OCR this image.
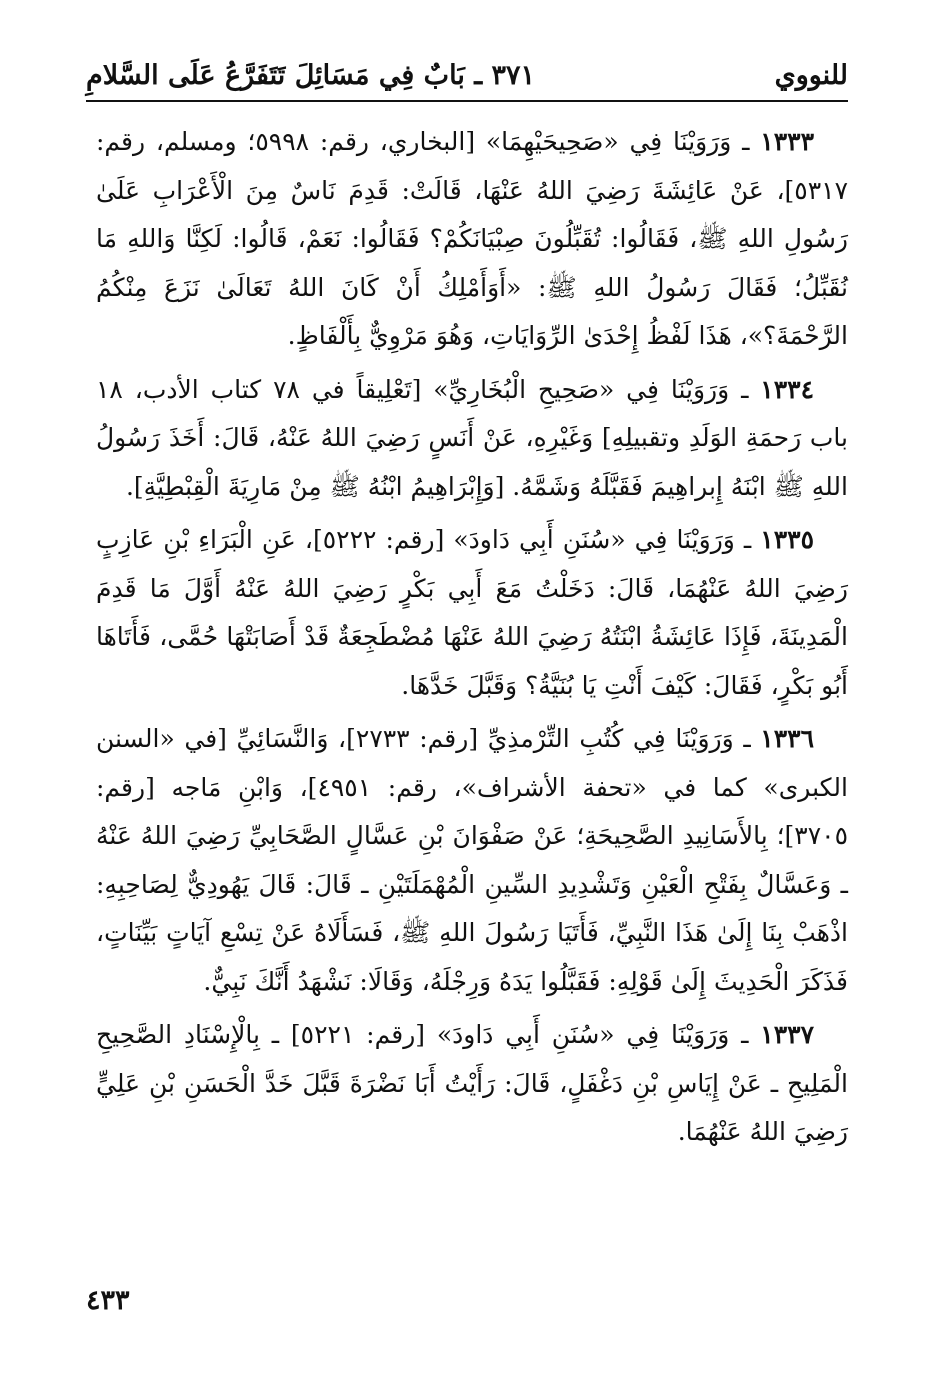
للنووي
٣٧١ ـ بَابٌ فِي مَسَائِلَ تَتَفَرَّعُ عَلَى السَّلامِ

١٣٣٣ ـ وَرَوَيْنَا فِي «صَحِيحَيْهِمَا» [البخاري، رقم: ٥٩٩٨؛ ومسلم، رقم: ٥٣١٧]، عَنْ عَائِشَةَ رَضِيَ اللهُ عَنْهَا، قَالَتْ: قَدِمَ نَاسٌ مِنَ الْأَعْرَابِ عَلَىٰ رَسُولِ اللهِ ﷺ، فَقَالُوا: تُقَبِّلُونَ صِبْيَانَكُمْ؟ فَقَالُوا: نَعَمْ، قَالُوا: لَكِنَّا وَاللهِ مَا نُقَبِّلُ؛ فَقَالَ رَسُولُ اللهِ ﷺ: «أَوَأَمْلِكُ أَنْ كَانَ اللهُ تَعَالَىٰ نَزَعَ مِنْكُمُ الرَّحْمَةَ؟»، هَذَا لَفْظُ إِحْدَىٰ الرِّوَايَاتِ، وَهُوَ مَرْوِيٌّ بِأَلْفَاظٍ.

١٣٣٤ ـ وَرَوَيْنَا فِي «صَحِيحِ الْبُخَارِيِّ» [تَعْلِيقاً في ٧٨ كتاب الأدب، ١٨ باب رَحمَةِ الوَلَدِ وتقبيلِهِ] وَغَيْرِهِ، عَنْ أَنَسٍ رَضِيَ اللهُ عَنْهُ، قَالَ: أَخَذَ رَسُولُ اللهِ ﷺ ابْنَهُ إِبراهِيمَ فَقَبَّلَهُ وَشَمَّهُ. [وَإِبْرَاهِيمُ ابْنُهُ ﷺ مِنْ مَارِيَةَ الْقِبْطِيَّةِ].

١٣٣٥ ـ وَرَوَيْنَا فِي «سُنَنِ أَبِي دَاودَ» [رقم: ٥٢٢٢]، عَنِ الْبَرَاءِ بْنِ عَازِبٍ رَضِيَ اللهُ عَنْهُمَا، قَالَ: دَخَلْتُ مَعَ أَبِي بَكْرٍ رَضِيَ اللهُ عَنْهُ أَوَّلَ مَا قَدِمَ الْمَدِينَةَ، فَإِذَا عَائِشَةُ ابْنَتُهُ رَضِيَ اللهُ عَنْهَا مُضْطَجِعَةٌ قَدْ أَصَابَتْهَا حُمَّى، فَأَتَاهَا أَبُو بَكْرٍ، فَقَالَ: كَيْفَ أَنْتِ يَا بُنَيَّةُ؟ وَقَبَّلَ خَدَّهَا.

١٣٣٦ ـ وَرَوَيْنَا فِي كُتُبِ التِّرْمذِيِّ [رقم: ٢٧٣٣]، وَالنَّسَائِيِّ [في «السنن الكبرى» كما في «تحفة الأشراف»، رقم: ٤٩٥١]، وَابْنِ مَاجه [رقم: ٣٧٠٥]؛ بِالأَسَانِيدِ الصَّحِيحَةِ؛ عَنْ صَفْوَانَ بْنِ عَسَّالٍ الصَّحَابِيِّ رَضِيَ اللهُ عَنْهُ ـ وَعَسَّالٌ بِفَتْحِ الْعَيْنِ وَتَشْدِيدِ السِّينِ الْمُهْمَلَتَيْنِ ـ قَالَ: قَالَ يَهُودِيٌّ لِصَاحِبِهِ: اذْهَبْ بِنَا إِلَىٰ هَذَا النَّبِيِّ، فَأَتَيَا رَسُولَ اللهِ ﷺ، فَسَأَلَاهُ عَنْ تِسْعِ آيَاتٍ بَيِّنَاتٍ، فَذَكَرَ الْحَدِيثَ إِلَىٰ قَوْلِهِ: فَقَبَّلُوا يَدَهُ وَرِجْلَهُ، وَقَالَا: نَشْهَدُ أَنَّكَ نَبِيٌّ.

١٣٣٧ ـ وَرَوَيْنَا فِي «سُنَنِ أَبِي دَاودَ» [رقم: ٥٢٢١] ـ بِالْإِسْنَادِ الصَّحِيحِ الْمَلِيحِ ـ عَنْ إِيَاسِ بْنِ دَغْفَلٍ، قَالَ: رَأَيْتُ أَبَا نَضْرَةَ قَبَّلَ خَدَّ الْحَسَنِ بْنِ عَلِيٍّ رَضِيَ اللهُ عَنْهُمَا.

٤٣٣
